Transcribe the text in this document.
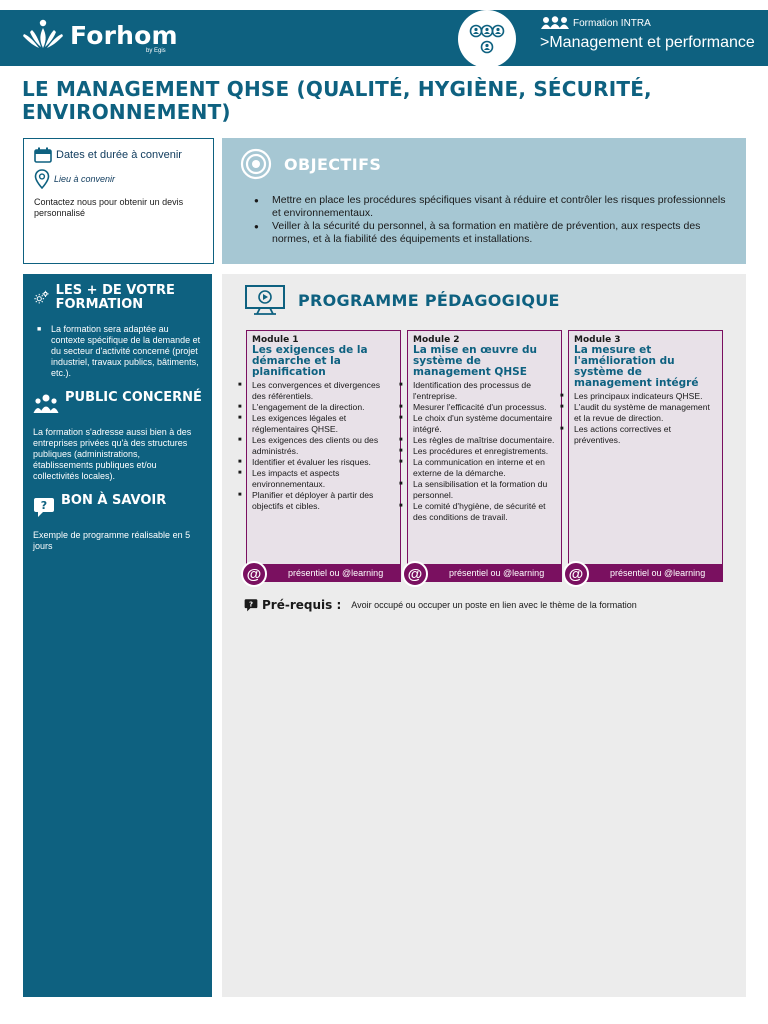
Forhom
by Egis
Formation INTRA
>Management et performance
LE MANAGEMENT QHSE (QUALITÉ, HYGIÈNE, SÉCURITÉ, ENVIRONNEMENT)
Dates et durée à convenir
Lieu à convenir
Contactez nous pour obtenir un devis personnalisé
OBJECTIFS
● Mettre en place les procédures spécifiques visant à réduire et contrôler les risques professionnels et environnementaux.
● Veiller à la sécurité du personnel, à sa formation en matière de prévention, aux respects des normes, et à la fiabilité des équipements et installations.
LES + DE VOTRE FORMATION
■ La formation sera adaptée au contexte spécifique de la demande et du secteur d'activité concerné (projet industriel, travaux publics, bâtiments, etc.).
PUBLIC CONCERNÉ
La formation s'adresse aussi bien à des entreprises privées qu'à des structures publiques (administrations, établissements publiques et/ou collectivités locales).
? BON À SAVOIR
Exemple de programme réalisable en 5 jours
PROGRAMME PÉDAGOGIQUE
Module 1
Les exigences de la démarche et la planification
■ Les convergences et divergences des référentiels.
■ L'engagement de la direction.
■ Les exigences légales et réglementaires QHSE.
■ Les exigences des clients ou des administrés.
■ Identifier et évaluer les risques.
■ Les impacts et aspects environnementaux.
■ Planifier et déployer à partir des objectifs et cibles.
présentiel ou @learning
@
Module 2
La mise en œuvre du système de management QHSE
■ Identification des processus de l'entreprise.
■ Mesurer l'efficacité d'un processus.
■ Le choix d'un système documentaire intégré.
■ Les règles de maîtrise documentaire.
■ Les procédures et enregistrements.
■ La communication en interne et en externe de la démarche.
■ La sensibilisation et la formation du personnel.
■ Le comité d'hygiène, de sécurité et des conditions de travail.
présentiel ou @learning
@
Module 3
La mesure et l'amélioration du système de management intégré
■ Les principaux indicateurs QHSE.
■ L'audit du système de management et la revue de direction.
■ Les actions correctives et préventives.
présentiel ou @learning
@
? Pré-requis : Avoir occupé ou occuper un poste en lien avec le thème de la formation
